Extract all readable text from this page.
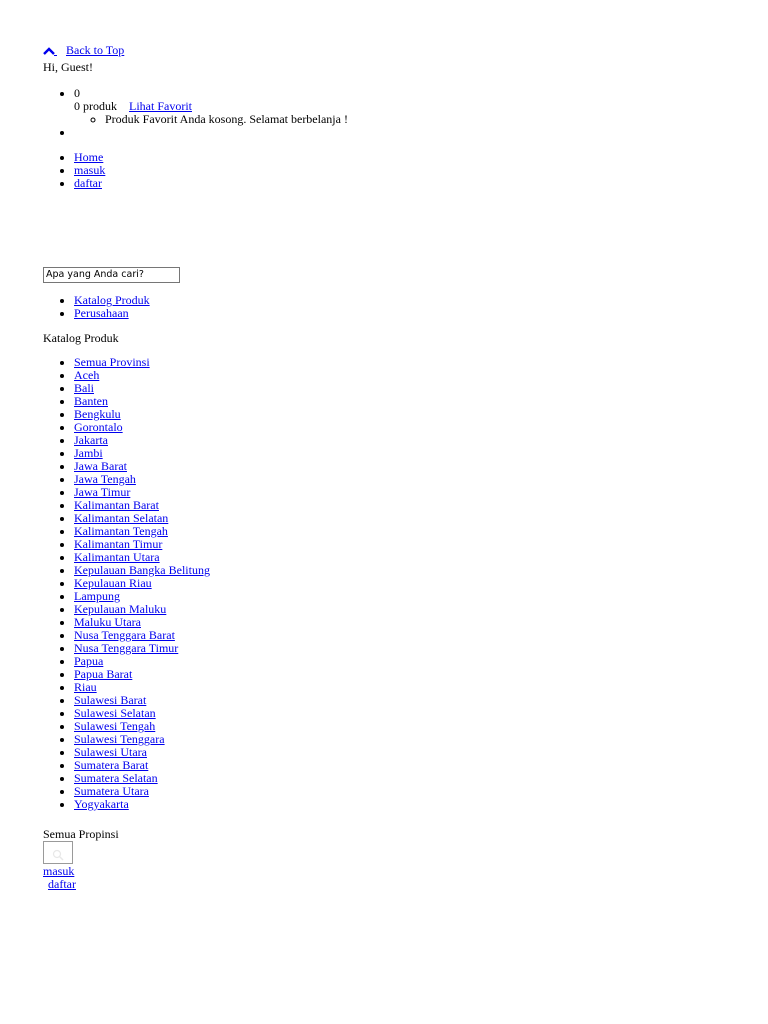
Back to Top
Hi, Guest!
• 0
0 produk Lihat Favorit
◦ Produk Favorit Anda kosong. Selamat berbelanja !
•
• Home
• masuk
• daftar
Apa yang Anda cari?
• Katalog Produk
• Perusahaan
Katalog Produk
• Semua Provinsi
• Aceh
• Bali
• Banten
• Bengkulu
• Gorontalo
• Jakarta
• Jambi
• Jawa Barat
• Jawa Tengah
• Jawa Timur
• Kalimantan Barat
• Kalimantan Selatan
• Kalimantan Tengah
• Kalimantan Timur
• Kalimantan Utara
• Kepulauan Bangka Belitung
• Kepulauan Riau
• Lampung
• Kepulauan Maluku
• Maluku Utara
• Nusa Tenggara Barat
• Nusa Tenggara Timur
• Papua
• Papua Barat
• Riau
• Sulawesi Barat
• Sulawesi Selatan
• Sulawesi Tengah
• Sulawesi Tenggara
• Sulawesi Utara
• Sumatera Barat
• Sumatera Selatan
• Sumatera Utara
• Yogyakarta
Semua Propinsi
masuk
daftar
